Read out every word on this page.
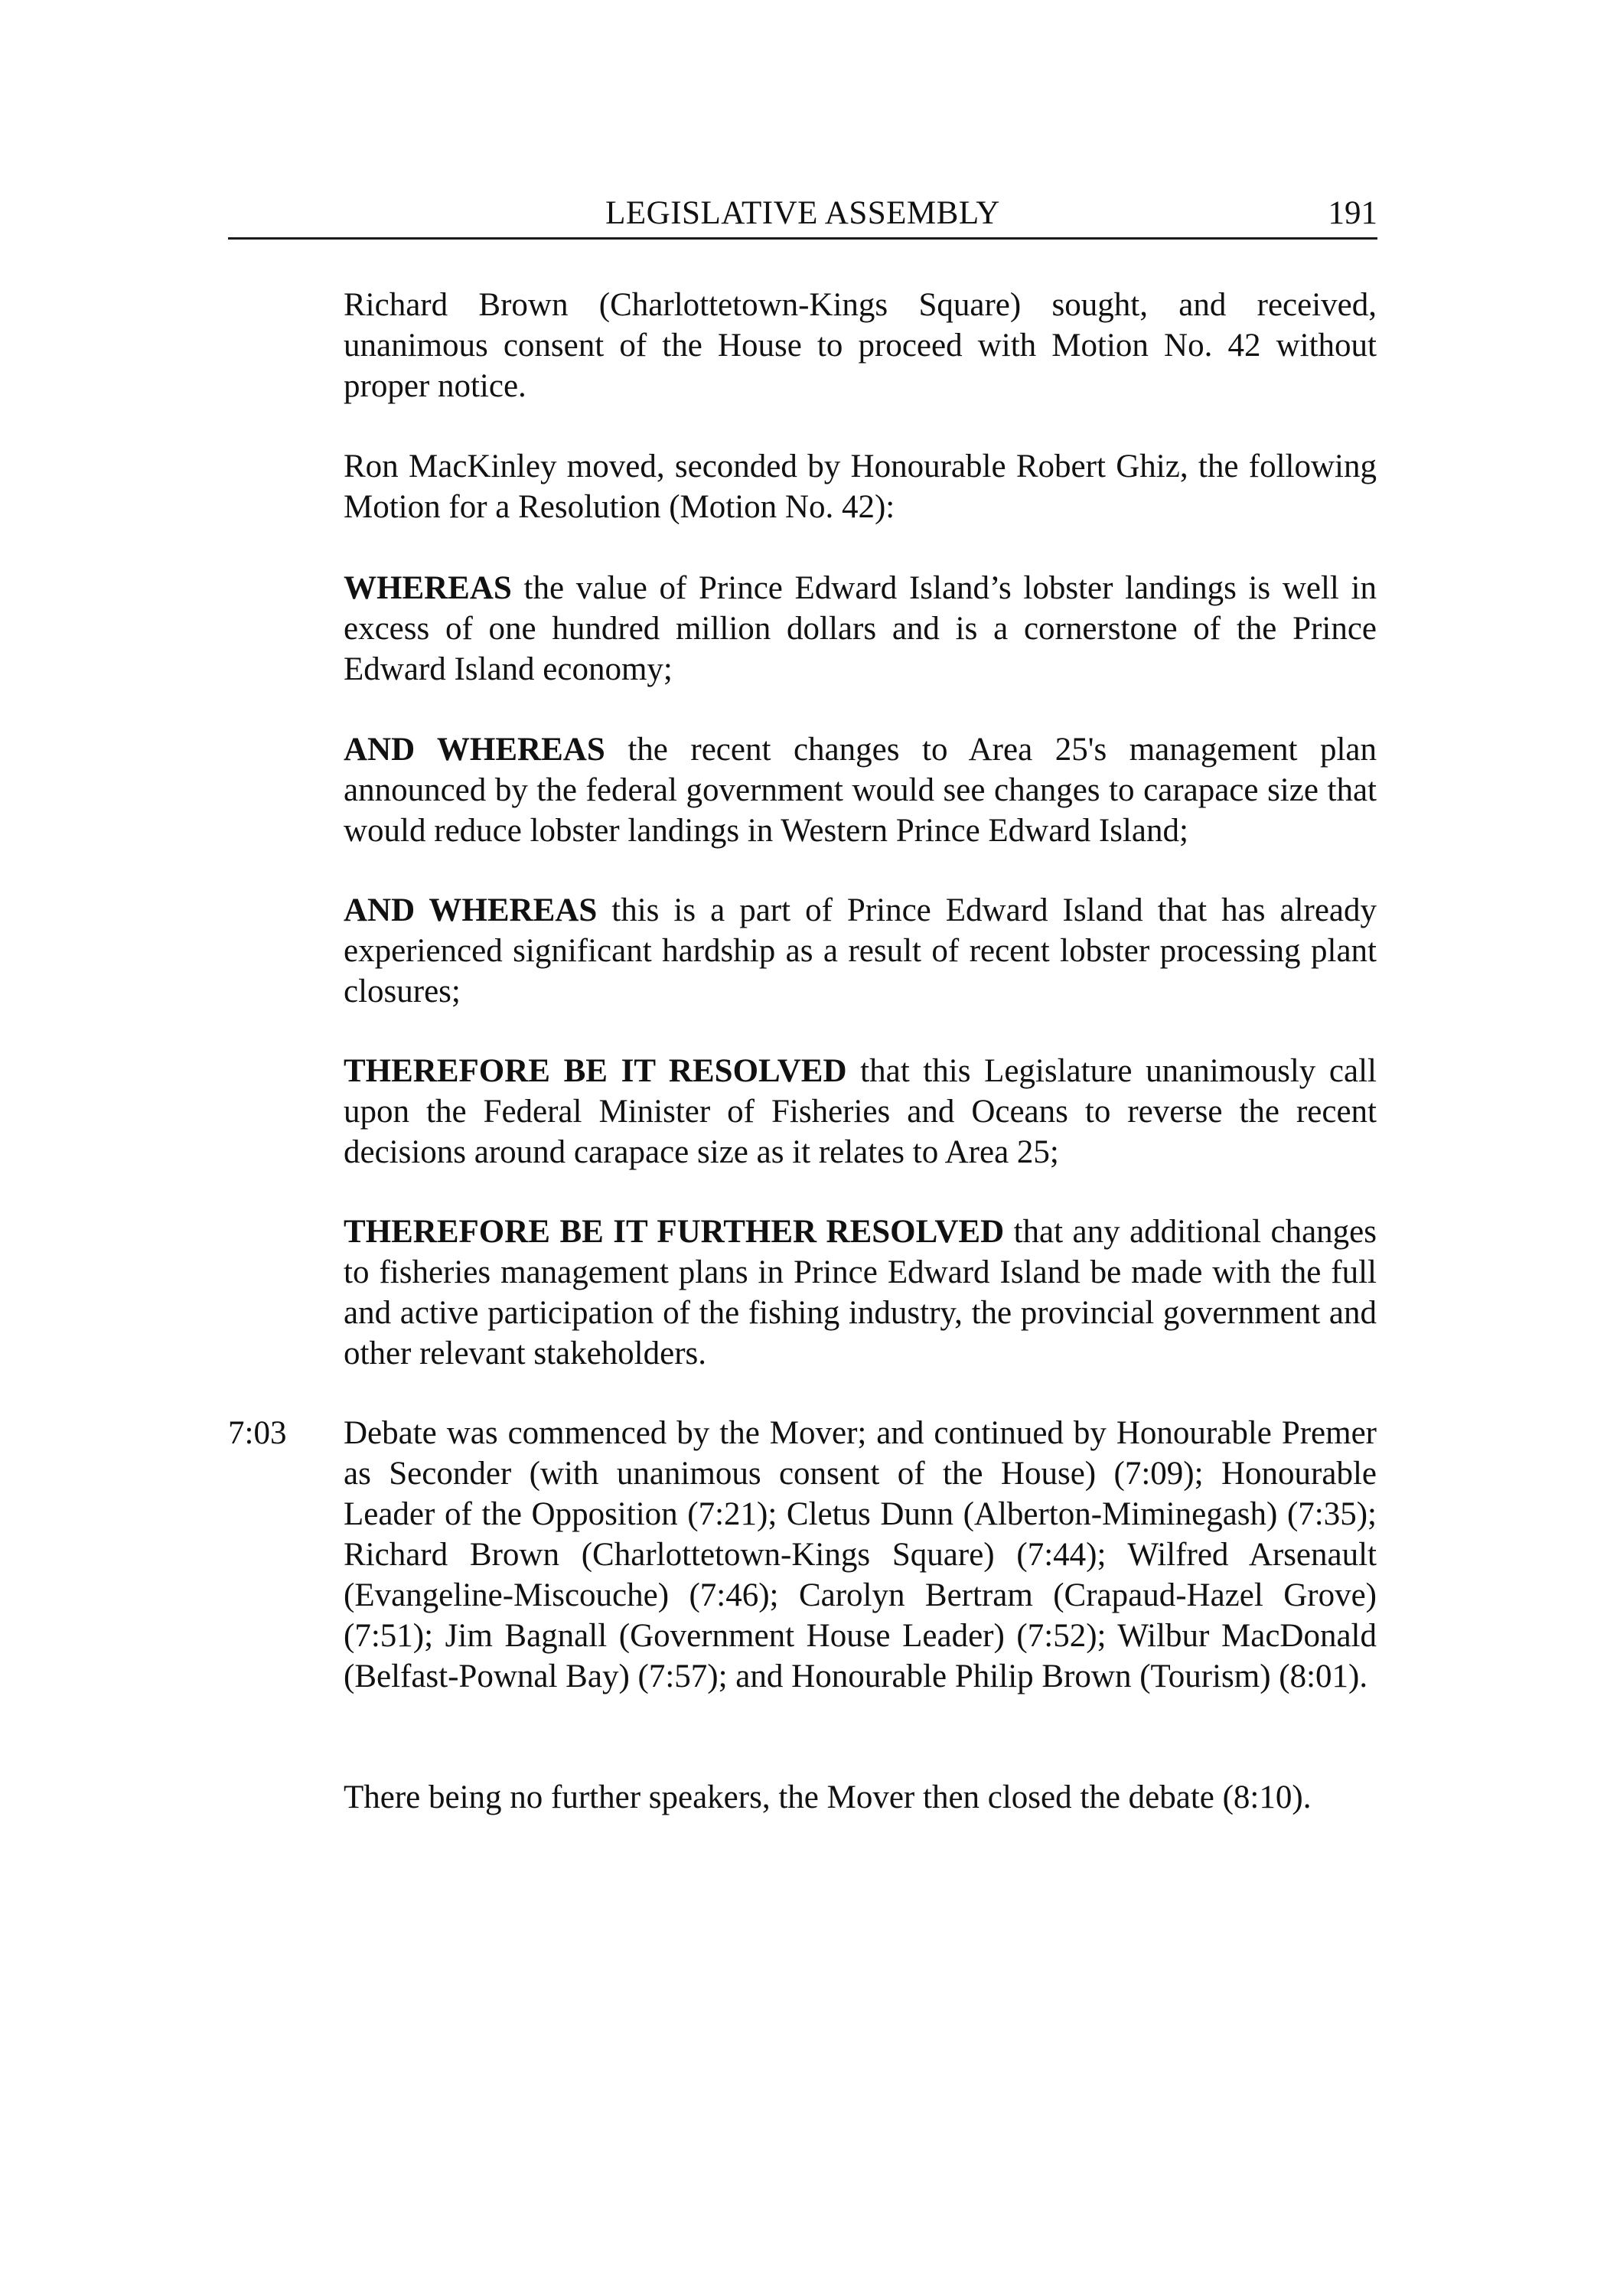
LEGISLATIVE ASSEMBLY	191

Richard Brown (Charlottetown-Kings Square) sought, and received, unanimous consent of the House to proceed with Motion No. 42 without proper notice.

Ron MacKinley moved, seconded by Honourable Robert Ghiz, the following Motion for a Resolution (Motion No. 42):

WHEREAS the value of Prince Edward Island’s lobster landings is well in excess of one hundred million dollars and is a cornerstone of the Prince Edward Island economy;

AND WHEREAS the recent changes to Area 25's management plan announced by the federal government would see changes to carapace size that would reduce lobster landings in Western Prince Edward Island;

AND WHEREAS this is a part of Prince Edward Island that has already experienced significant hardship as a result of recent lobster processing plant closures;

THEREFORE BE IT RESOLVED that this Legislature unanimously call upon the Federal Minister of Fisheries and Oceans to reverse the recent decisions around carapace size as it relates to Area 25;

THEREFORE BE IT FURTHER RESOLVED that any additional changes to fisheries management plans in Prince Edward Island be made with the full and active participation of the fishing industry, the provincial government and other relevant stakeholders.

7:03 Debate was commenced by the Mover; and continued by Honourable Premer as Seconder (with unanimous consent of the House) (7:09); Honourable Leader of the Opposition (7:21); Cletus Dunn (Alberton-Miminegash) (7:35); Richard Brown (Charlottetown-Kings Square) (7:44); Wilfred Arsenault (Evangeline-Miscouche) (7:46); Carolyn Bertram (Crapaud-Hazel Grove) (7:51); Jim Bagnall (Government House Leader) (7:52); Wilbur MacDonald (Belfast-Pownal Bay) (7:57); and Honourable Philip Brown (Tourism) (8:01).

There being no further speakers, the Mover then closed the debate (8:10).
